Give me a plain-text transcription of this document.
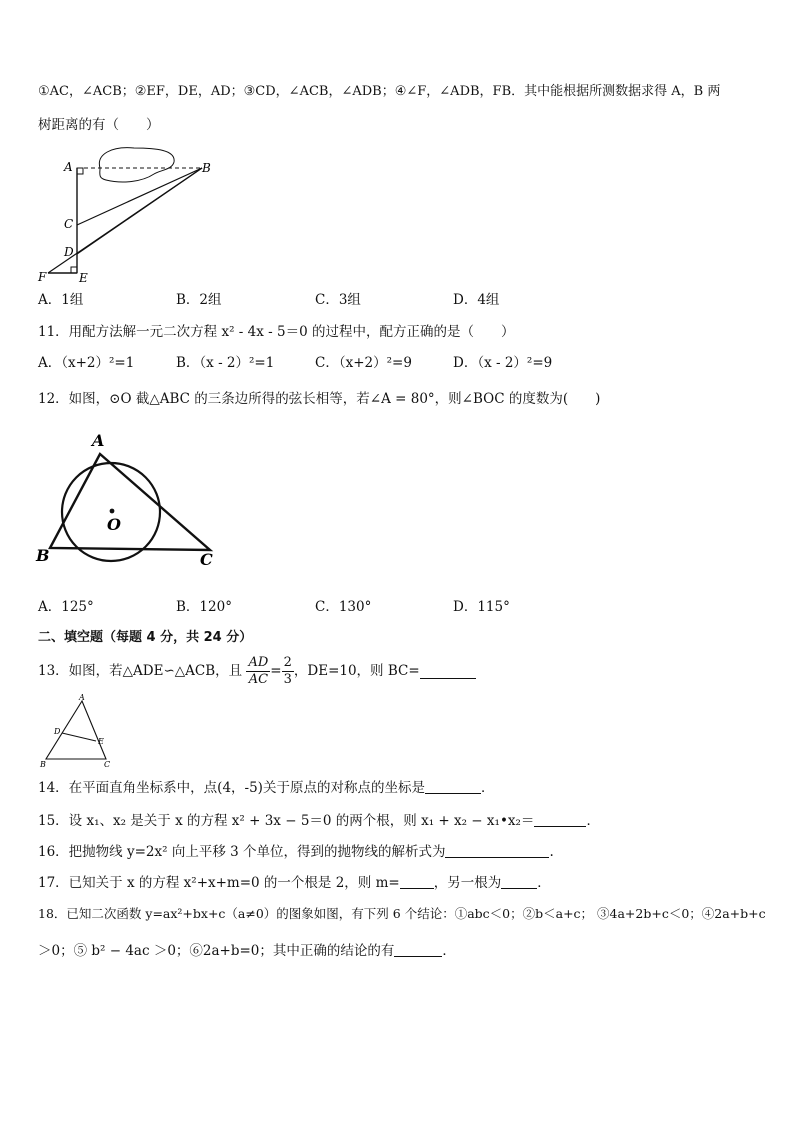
①AC，∠ACB；②EF，DE，AD；③CD，∠ACB，∠ADB；④∠F，∠ADB，FB．其中能根据所测数据求得 A，B 两
树距离的有（　　）
A	B
C
D
E
F
A．1组	B．2组	C．3组	D．4组
11．用配方法解一元二次方程 x² - 4x - 5＝0 的过程中，配方正确的是（　　）
A．（x+2）²=1	B．（x - 2）²=1	C．（x+2）²=9	D．（x - 2）²=9
12．如图，⊙O 截△ABC 的三条边所得的弦长相等，若∠A = 80°，则∠BOC 的度数为(　　)
A
B	C
O
A．125°	B．120°	C．130°	D．115°
二、填空题（每题 4 分，共 24 分）
13．如图，若△ADE∽△ACB，且 $\frac{AD}{AC} = \frac{2}{3}$ ，DE=10，则 BC=
A
B	C
D
E
14．在平面直角坐标系中，点(4，-5)关于原点的对称点的坐标是	．
15．设 x₁、x₂ 是关于 x 的方程 x² + 3x − 5＝0 的两个根，则 x₁ + x₂ − x₁•x₂＝	．
16．把抛物线 y=2x² 向上平移 3 个单位，得到的抛物线的解析式为	.
17．已知关于 x 的方程 x²+x+m=0 的一个根是 2，则 m=	，另一根为	．
18．已知二次函数 y=ax²+bx+c（a≠0）的图象如图，有下列 6 个结论：①abc＜0；②b＜a+c； ③4a+2b+c＜0；④2a+b+c
＞0；⑤ b² − 4ac ＞0；⑥2a+b=0；其中正确的结论的有	．
